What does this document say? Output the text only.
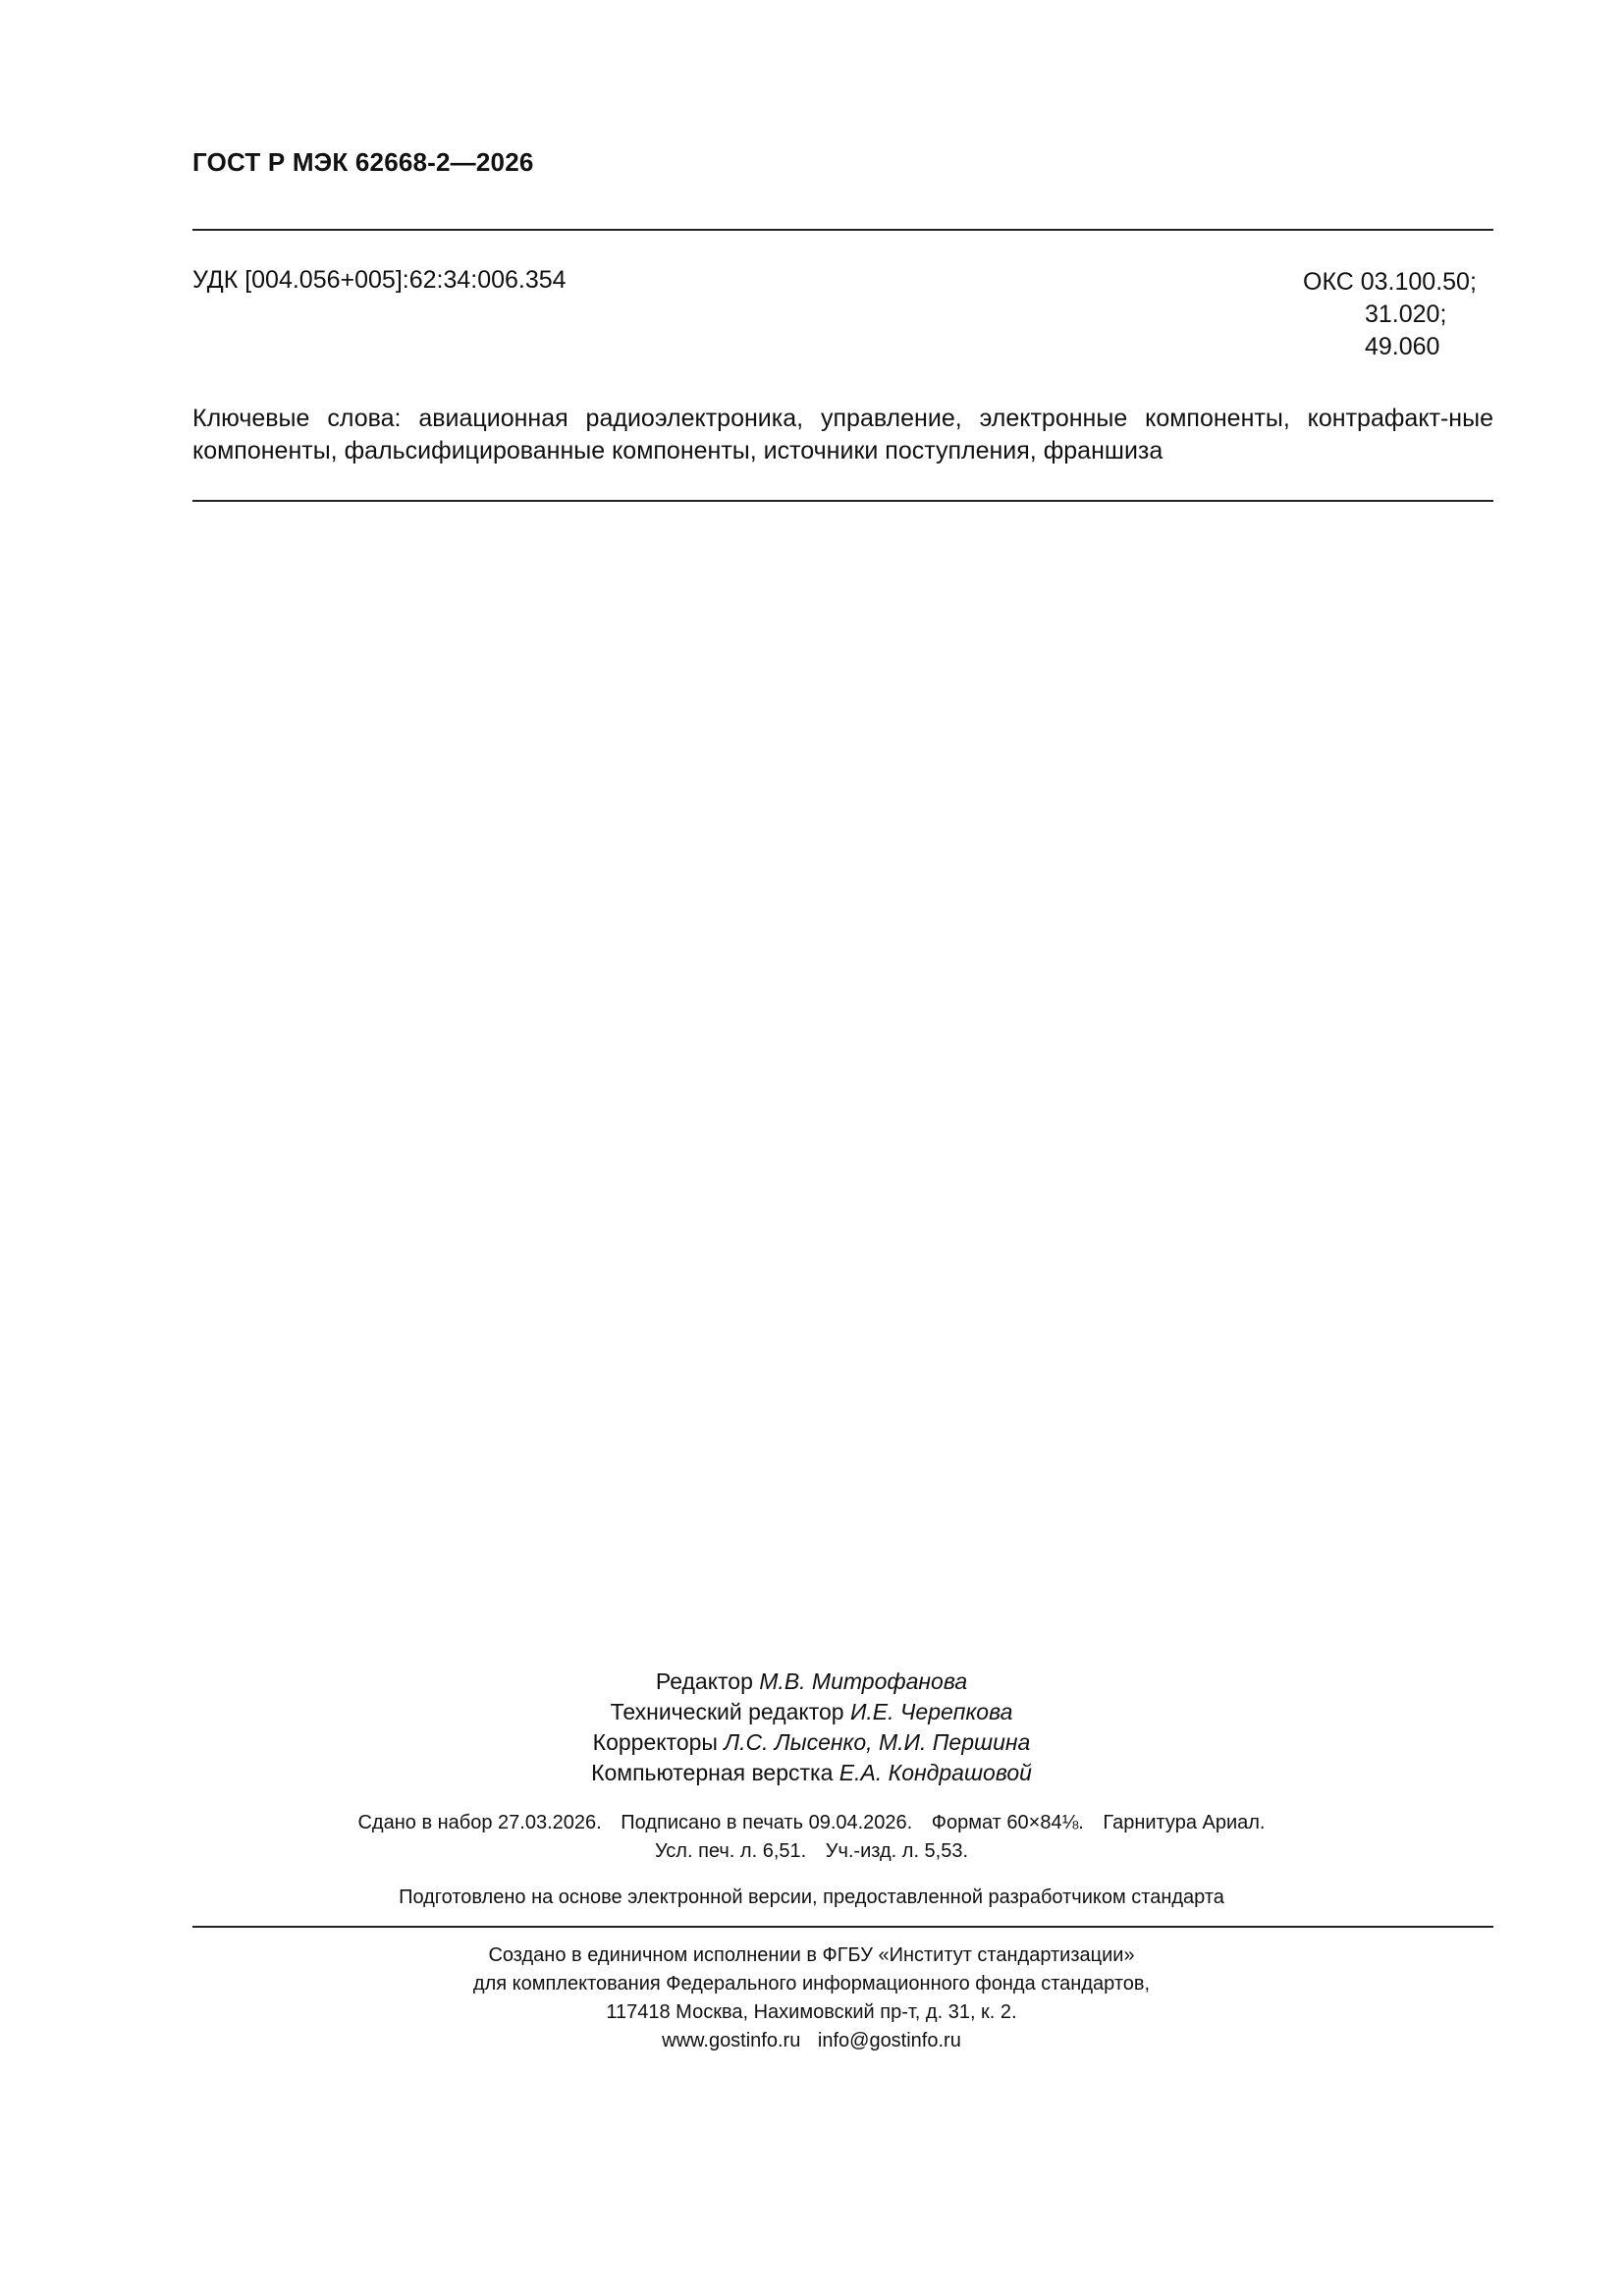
ГОСТ Р МЭК 62668-2—2026
УДК [004.056+005]:62:34:006.354	ОКС 03.100.50;
31.020;
49.060
Ключевые слова: авиационная радиоэлектроника, управление, электронные компоненты, контрафакт-ные компоненты, фальсифицированные компоненты, источники поступления, франшиза
Редактор М.В. Митрофанова
Технический редактор И.Е. Черепкова
Корректоры Л.С. Лысенко, М.И. Першина
Компьютерная верстка Е.А. Кондрашовой
Сдано в набор 27.03.2026. Подписано в печать 09.04.2026. Формат 60×84⅛. Гарнитура Ариал.
Усл. печ. л. 6,51. Уч.-изд. л. 5,53.
Подготовлено на основе электронной версии, предоставленной разработчиком стандарта
Создано в единичном исполнении в ФГБУ «Институт стандартизации»
для комплектования Федерального информационного фонда стандартов,
117418 Москва, Нахимовский пр-т, д. 31, к. 2.
www.gostinfo.ru info@gostinfo.ru
